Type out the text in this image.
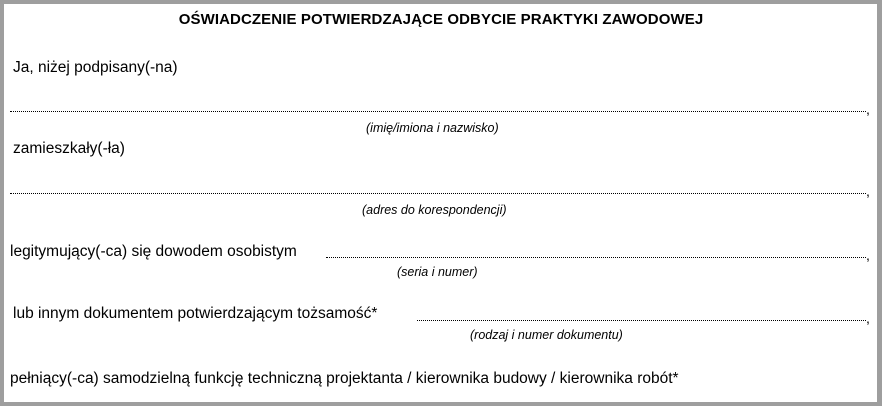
OŚWIADCZENIE POTWIERDZAJĄCE ODBYCIE PRAKTYKI ZAWODOWEJ
Ja, niżej podpisany(-na)
,
(imię/imiona i nazwisko)
zamieszkały(-ła)
,
(adres do korespondencji)
legitymujący(-ca) się dowodem osobistym	,
(seria i numer)
lub innym dokumentem potwierdzającym tożsamość*	,
(rodzaj i numer dokumentu)
pełniący(-ca) samodzielną funkcję techniczną projektanta / kierownika budowy / kierownika robót*
